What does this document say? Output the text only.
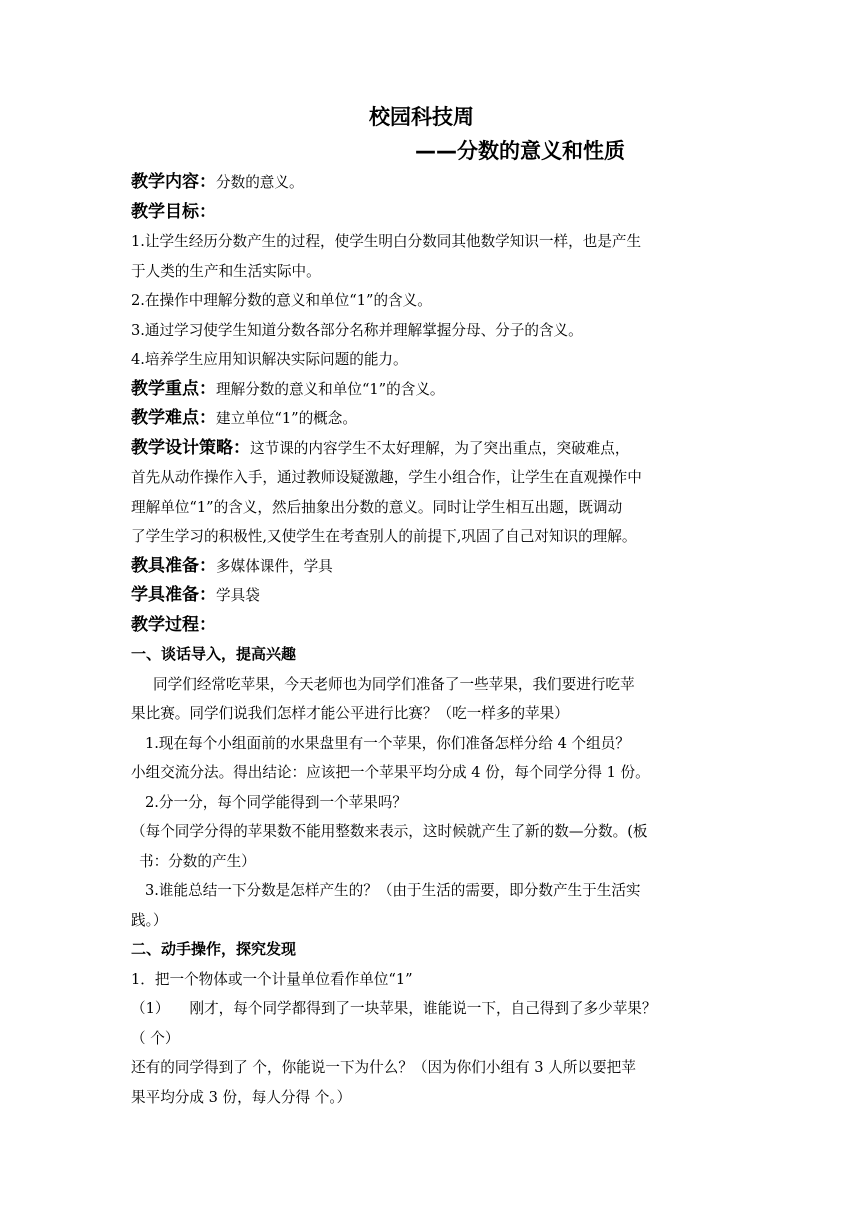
校园科技周
——分数的意义和性质
教学内容：分数的意义。
教学目标：
1.让学生经历分数产生的过程，使学生明白分数同其他数学知识一样，也是产生
于人类的生产和生活实际中。
2.在操作中理解分数的意义和单位“1”的含义。
3.通过学习使学生知道分数各部分名称并理解掌握分母、分子的含义。
4.培养学生应用知识解决实际问题的能力。
教学重点：理解分数的意义和单位“1”的含义。
教学难点：建立单位“1”的概念。
教学设计策略：这节课的内容学生不太好理解，为了突出重点，突破难点，
首先从动作操作入手，通过教师设疑激趣，学生小组合作，让学生在直观操作中
理解单位“1”的含义，然后抽象出分数的意义。同时让学生相互出题，既调动
了学生学习的积极性,又使学生在考查别人的前提下,巩固了自己对知识的理解。
教具准备：多媒体课件，学具
学具准备：学具袋
教学过程：
一、谈话导入，提高兴趣
同学们经常吃苹果，今天老师也为同学们准备了一些苹果，我们要进行吃苹
果比赛。同学们说我们怎样才能公平进行比赛？（吃一样多的苹果）
1.现在每个小组面前的水果盘里有一个苹果，你们准备怎样分给 4 个组员？
小组交流分法。得出结论：应该把一个苹果平均分成 4 份，每个同学分得 1 份。
2.分一分，每个同学能得到一个苹果吗？
（每个同学分得的苹果数不能用整数来表示，这时候就产生了新的数—分数。(板
书：分数的产生）
3.谁能总结一下分数是怎样产生的？（由于生活的需要，即分数产生于生活实
践。）
二、动手操作，探究发现
1．把一个物体或一个计量单位看作单位“1”
（1） 刚才，每个同学都得到了一块苹果，谁能说一下，自己得到了多少苹果？
（ 个）
还有的同学得到了 个，你能说一下为什么？（因为你们小组有 3 人所以要把苹
果平均分成 3 份，每人分得 个。）
